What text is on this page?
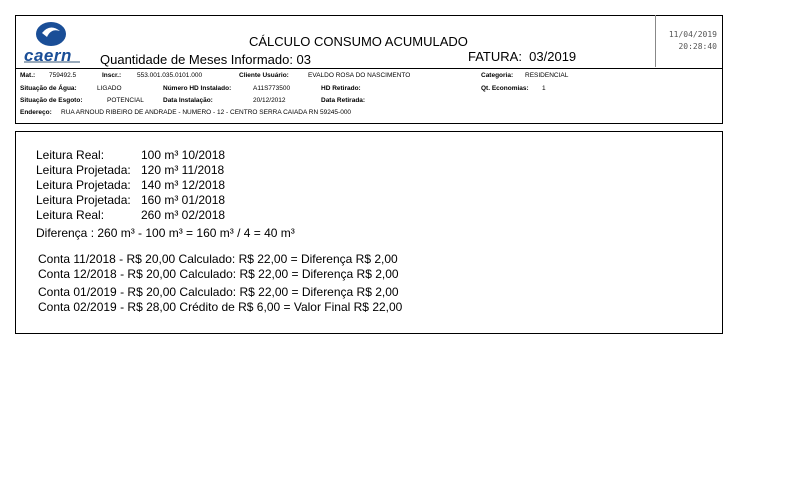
caern
CÁLCULO CONSUMO ACUMULADO
Quantidade de Meses Informado: 03	FATURA: 03/2019
11/04/2019
20:28:40
Mat.: 759492.5	Inscr.: 553.001.035.0101.000	Cliente Usuário:	EVALDO ROSA DO NASCIMENTO	Categoria: RESIDENCIAL
Situação de Água:	LIGADO	Número HD Instalado:	A11S773500	HD Retirado:	Qt. Economias: 1
Situação de Esgoto:	POTENCIAL	Data Instalação:	20/12/2012	Data Retirada:
Endereço: RUA ARNOUD RIBEIRO DE ANDRADE - NUMERO - 12 - CENTRO SERRA CAIADA RN 59245-000
Leitura Real:	100 m³ 10/2018
Leitura Projetada: 120 m³ 11/2018
Leitura Projetada: 140 m³ 12/2018
Leitura Projetada: 160 m³ 01/2018
Leitura Real:	260 m³ 02/2018
Diferença : 260 m³ - 100 m³ = 160 m³ / 4 = 40 m³
Conta 11/2018 - R$ 20,00 Calculado: R$ 22,00 = Diferença R$ 2,00
Conta 12/2018 - R$ 20,00 Calculado: R$ 22,00 = Diferença R$ 2,00
Conta 01/2019 - R$ 20,00 Calculado: R$ 22,00 = Diferença R$ 2,00
Conta 02/2019 - R$ 28,00 Crédito de R$ 6,00 = Valor Final R$ 22,00
